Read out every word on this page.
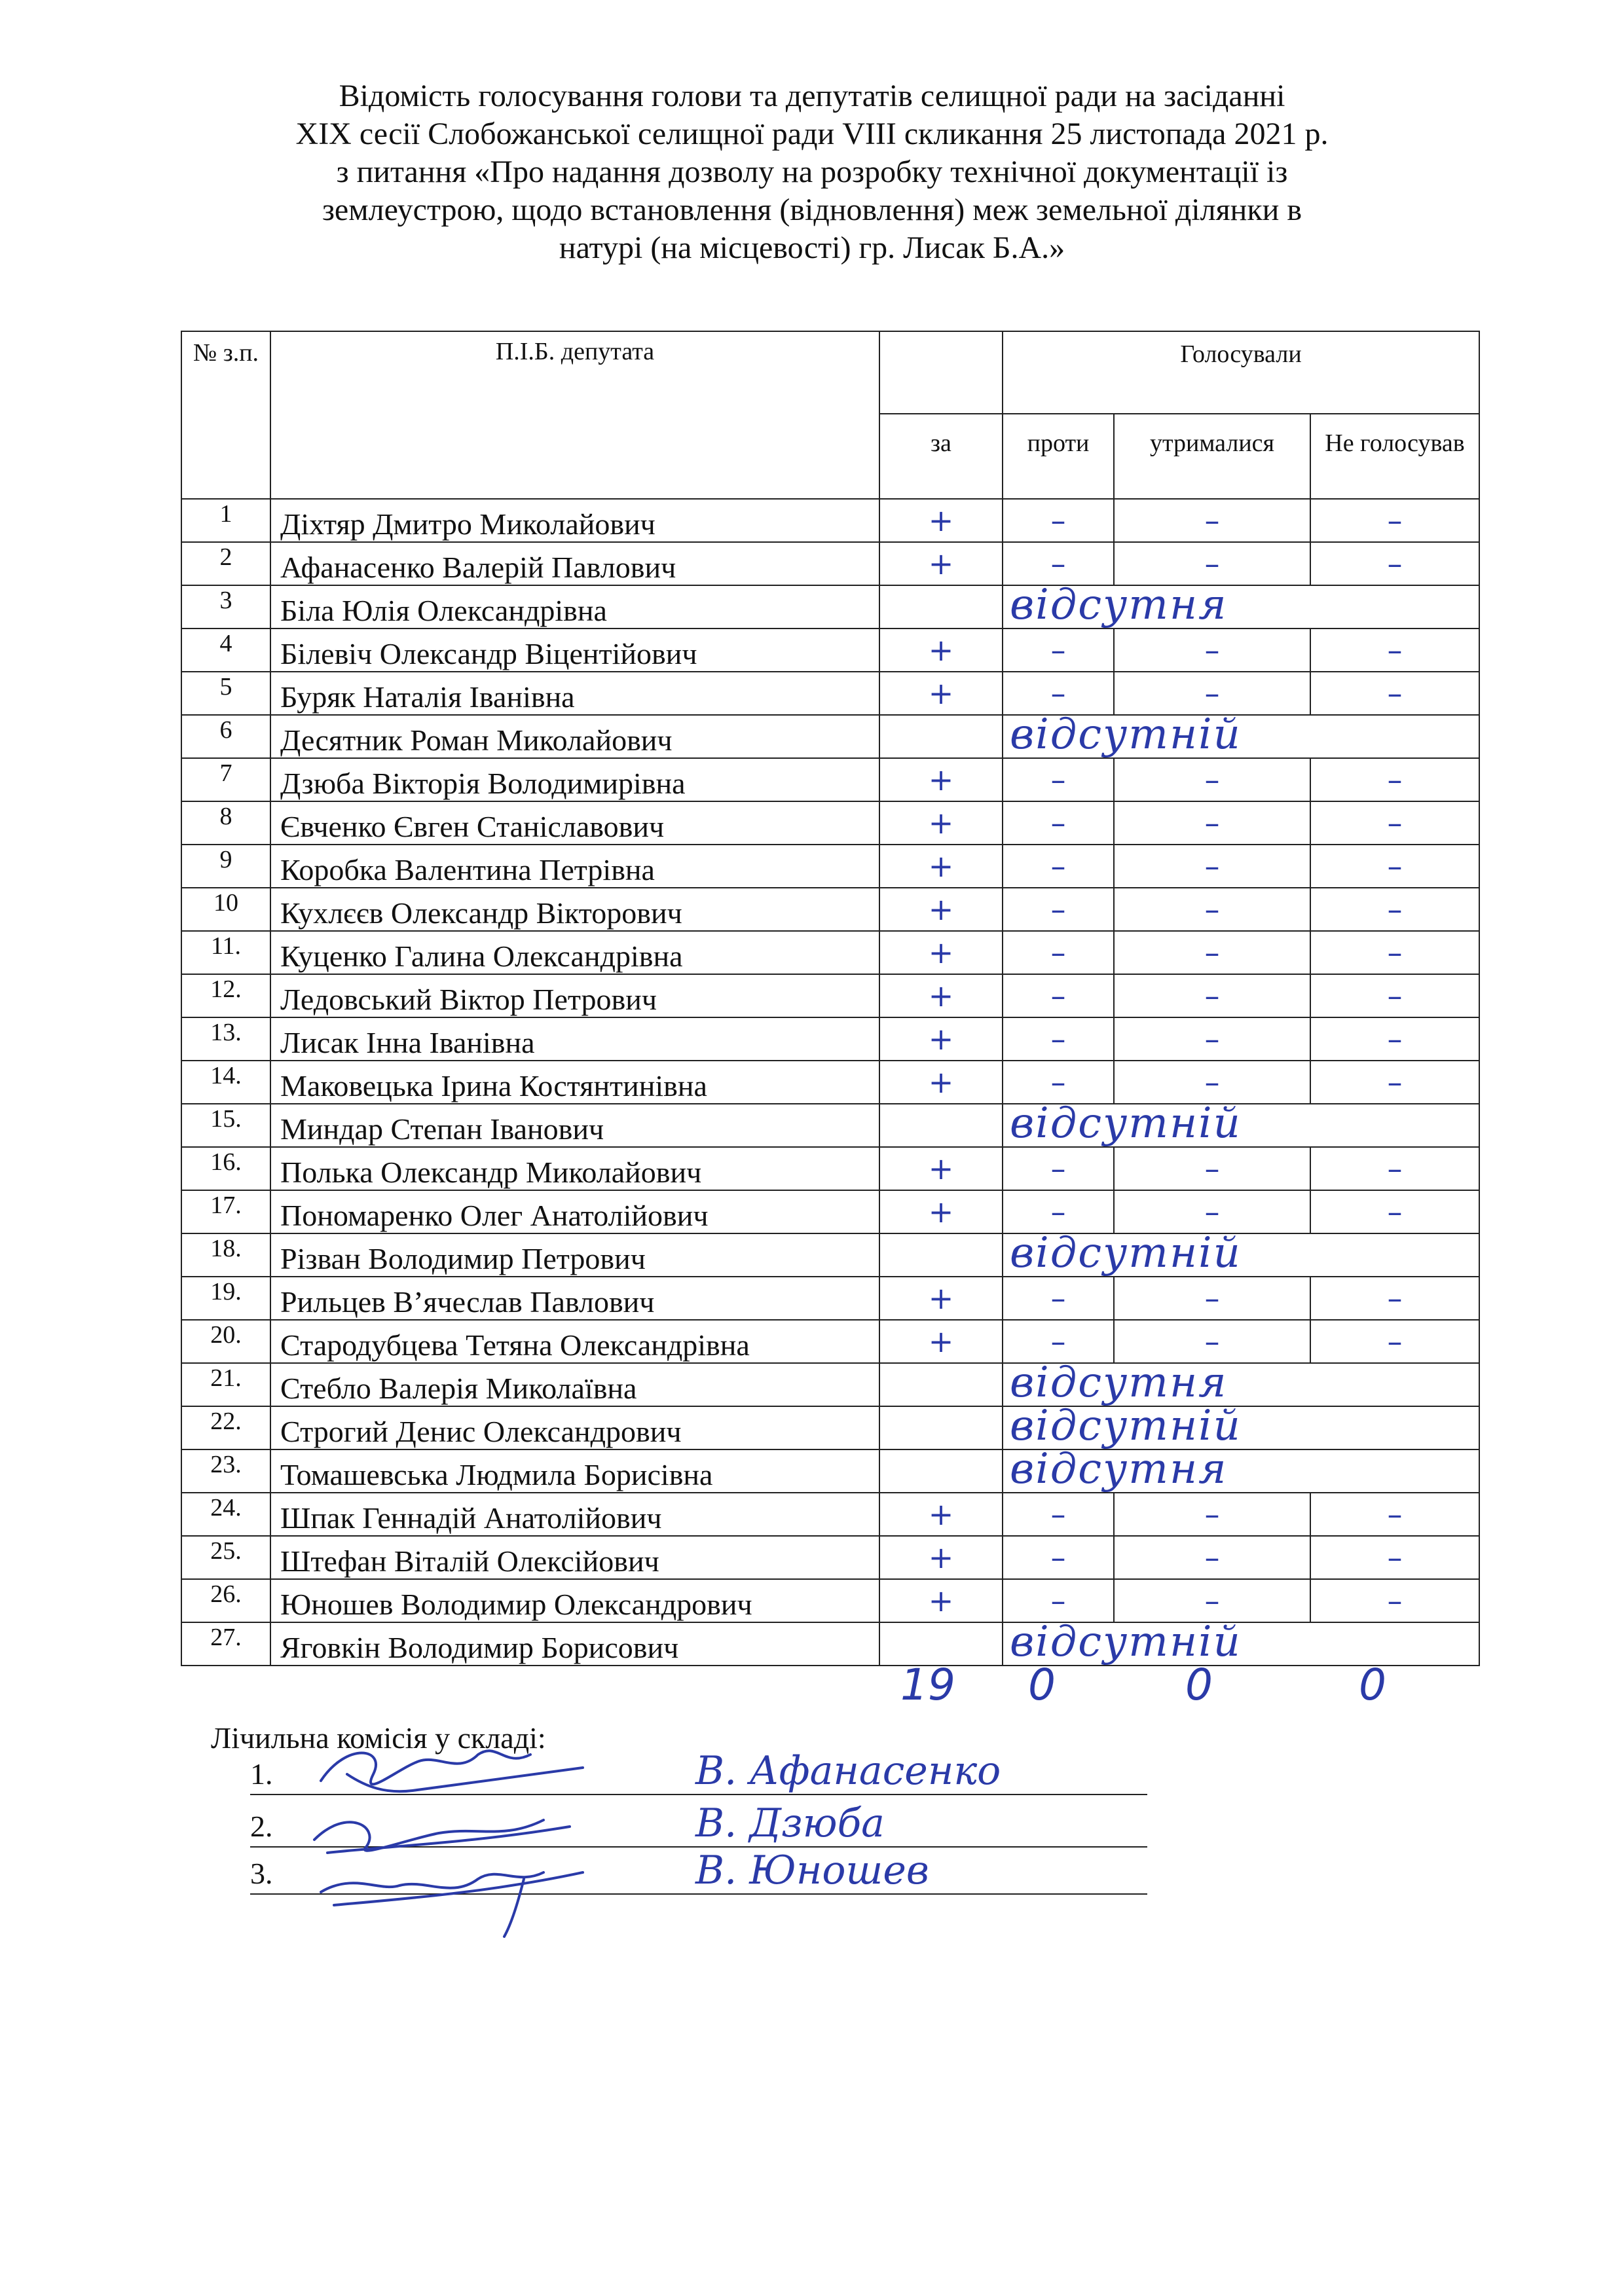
Відомість голосування голови та депутатів селищної ради на засіданні
XIX сесії Слобожанської селищної ради VIII скликання 25 листопада 2021 р.
з питання «Про надання дозволу на розробку технічної документації із
землеустрою, щодо встановлення (відновлення) меж земельної ділянки в
натурі (на місцевості) гр. Лисак Б.А.»
№ з.п.	П.І.Б. депутата		Голосували		
		за	проти	утрималися	Не голосував
1	Діхтяр Дмитро Миколайович	+	–	–	–
2	Афанасенко Валерій Павлович	+	–	–	–
3	Біла Юлія Олександрівна		відсутня		

4	Білевіч Олександр Віцентійович	+	–	–	–
5	Буряк Наталія Іванівна	+	–	–	–
6	Десятник Роман Миколайович		відсутній		

7	Дзюба Вікторія Володимирівна	+	–	–	–
8	Євченко Євген Станіславович	+	–	–	–
9	Коробка Валентина Петрівна	+	–	–	–
10	Кухлєєв Олександр Вікторович	+	–	–	–
11.	Куценко Галина Олександрівна	+	–	–	–
12.	Ледовський Віктор Петрович	+	–	–	–
13.	Лисак Інна Іванівна	+	–	–	–
14.	Маковецька Ірина Костянтинівна	+	–	–	–
15.	Миндар Степан Іванович		відсутній		

16.	Полька Олександр Миколайович	+	–	–	–
17.	Пономаренко Олег Анатолійович	+	–	–	–
18.	Різван Володимир Петрович		відсутній		

19.	Рильцев В’ячеслав Павлович	+	–	–	–
20.	Стародубцева Тетяна Олександрівна	+	–	–	–
21.	Стебло Валерія Миколаївна		відсутня		

22.	Строгий Денис Олександрович		відсутній		

23.	Томашевська Людмила Борисівна		відсутня		

24.	Шпак Геннадій Анатолійович	+	–	–	–
25.	Штефан Віталій Олексійович	+	–	–	–
26.	Юношев Володимир Олександрович	+	–	–	–
27.	Яговкін Володимир Борисович		відсутній		
19 0	0	0
Лічильна комісія у складі:
1.	В. Афанасенко
2.	В. Дзюба
3.	В. Юношев
